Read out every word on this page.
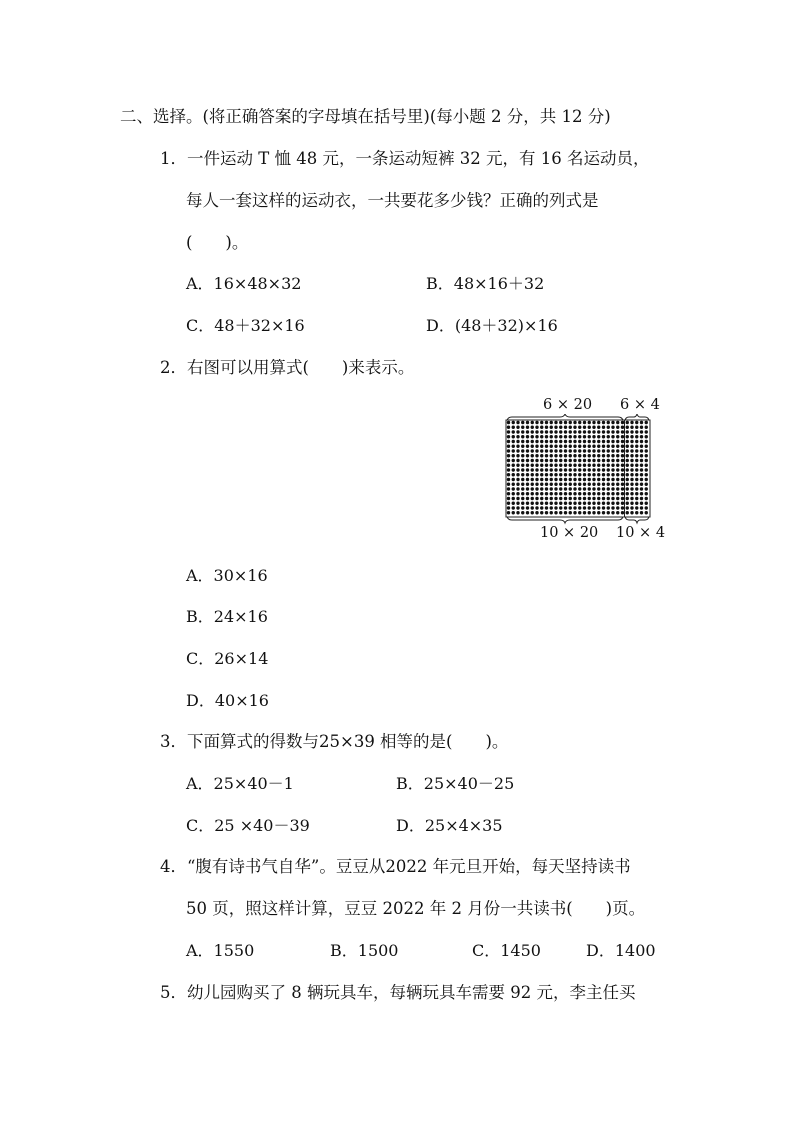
二、选择。(将正确答案的字母填在括号里)(每小题 2 分，共 12 分)
1．一件运动 T 恤 48 元，一条运动短裤 32 元，有 16 名运动员，
每人一套这样的运动衣，一共要花多少钱？正确的列式是
(　　)。
A．16×48×32	B．48×16＋32
C．48＋32×16	D．(48＋32)×16
2．右图可以用算式(　　)来表示。
6 × 20 6 × 4
10 × 20 10 × 4
A．30×16
B．24×16
C．26×14
D．40×16
3．下面算式的得数与25×39 相等的是(　　)。
A．25×40－1	B．25×40－25
C．25 ×40－39	D．25×4×35
4．“腹有诗书气自华”。豆豆从2022 年元旦开始，每天坚持读书
50 页，照这样计算，豆豆 2022 年 2 月份一共读书(　　)页。
A．1550	B．1500	C．1450	D．1400
5．幼儿园购买了 8 辆玩具车，每辆玩具车需要 92 元，李主任买
